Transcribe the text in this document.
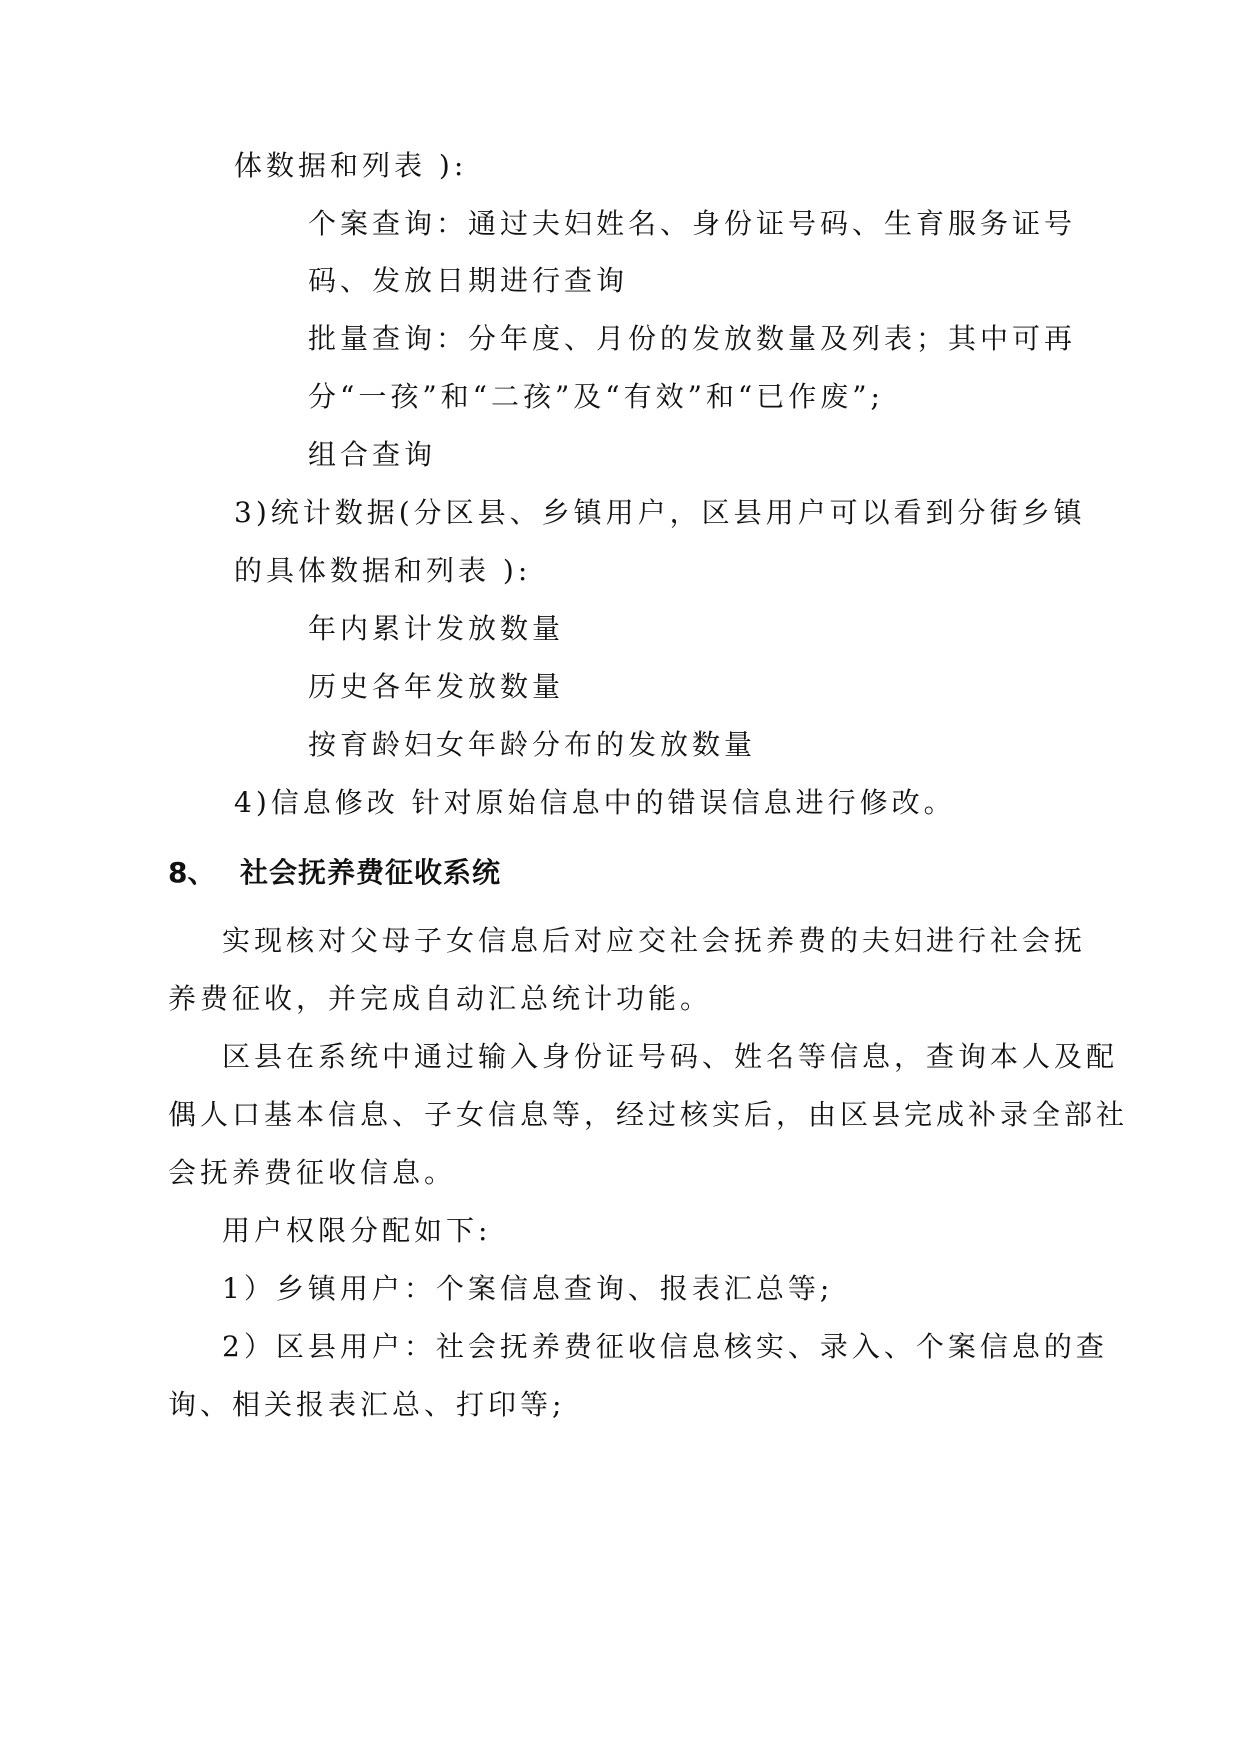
体数据和列表 ):
个案查询：通过夫妇姓名、身份证号码、生育服务证号
码、发放日期进行查询
批量查询：分年度、月份的发放数量及列表；其中可再
分“一孩”和“二孩”及“有效”和“已作废”;
组合查询
3)统计数据(分区县、乡镇用户，区县用户可以看到分街乡镇
的具体数据和列表 ):
年内累计发放数量
历史各年发放数量
按育龄妇女年龄分布的发放数量
4)信息修改 针对原始信息中的错误信息进行修改。
8、 社会抚养费征收系统
实现核对父母子女信息后对应交社会抚养费的夫妇进行社会抚
养费征收，并完成自动汇总统计功能。
区县在系统中通过输入身份证号码、姓名等信息，查询本人及配
偶人口基本信息、子女信息等，经过核实后，由区县完成补录全部社
会抚养费征收信息。
用户权限分配如下:
1）乡镇用户：个案信息查询、报表汇总等;
2）区县用户：社会抚养费征收信息核实、录入、个案信息的查
询、相关报表汇总、打印等;
